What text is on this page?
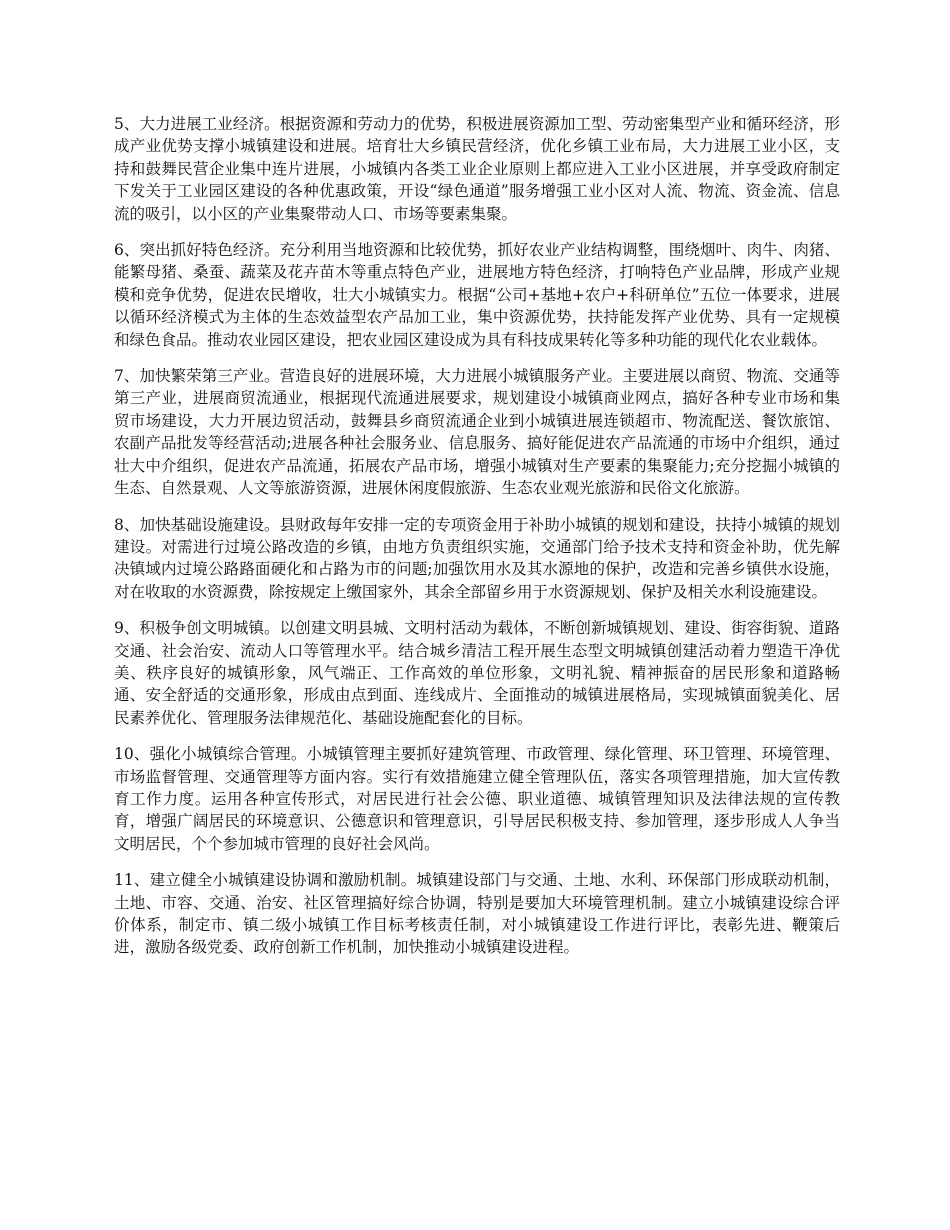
5、大力进展工业经济。根据资源和劳动力的优势，积极进展资源加工型、劳动密集型产业和循环经济，形成产业优势支撑小城镇建设和进展。培育壮大乡镇民营经济，优化乡镇工业布局，大力进展工业小区，支持和鼓舞民营企业集中连片进展，小城镇内各类工业企业原则上都应进入工业小区进展，并享受政府制定下发关于工业园区建设的各种优惠政策，开设“绿色通道”服务增强工业小区对人流、物流、资金流、信息流的吸引，以小区的产业集聚带动人口、市场等要素集聚。

6、突出抓好特色经济。充分利用当地资源和比较优势，抓好农业产业结构调整，围绕烟叶、肉牛、肉猪、能繁母猪、桑蚕、蔬菜及花卉苗木等重点特色产业，进展地方特色经济，打响特色产业品牌，形成产业规模和竞争优势，促进农民增收，壮大小城镇实力。根据“公司+基地+农户+科研单位”五位一体要求，进展以循环经济模式为主体的生态效益型农产品加工业，集中资源优势，扶持能发挥产业优势、具有一定规模和绿色食品。推动农业园区建设，把农业园区建设成为具有科技成果转化等多种功能的现代化农业载体。

7、加快繁荣第三产业。营造良好的进展环境，大力进展小城镇服务产业。主要进展以商贸、物流、交通等第三产业，进展商贸流通业，根据现代流通进展要求，规划建设小城镇商业网点，搞好各种专业市场和集贸市场建设，大力开展边贸活动，鼓舞县乡商贸流通企业到小城镇进展连锁超市、物流配送、餐饮旅馆、农副产品批发等经营活动;进展各种社会服务业、信息服务、搞好能促进农产品流通的市场中介组织，通过壮大中介组织，促进农产品流通，拓展农产品市场，增强小城镇对生产要素的集聚能力;充分挖掘小城镇的生态、自然景观、人文等旅游资源，进展休闲度假旅游、生态农业观光旅游和民俗文化旅游。

8、加快基础设施建设。县财政每年安排一定的专项资金用于补助小城镇的规划和建设，扶持小城镇的规划建设。对需进行过境公路改造的乡镇，由地方负责组织实施，交通部门给予技术支持和资金补助，优先解决镇域内过境公路路面硬化和占路为市的问题;加强饮用水及其水源地的保护，改造和完善乡镇供水设施，对在收取的水资源费，除按规定上缴国家外，其余全部留乡用于水资源规划、保护及相关水利设施建设。

9、积极争创文明城镇。以创建文明县城、文明村活动为载体，不断创新城镇规划、建设、街容街貌、道路交通、社会治安、流动人口等管理水平。结合城乡清洁工程开展生态型文明城镇创建活动着力塑造干净优美、秩序良好的城镇形象，风气端正、工作高效的单位形象，文明礼貌、精神振奋的居民形象和道路畅通、安全舒适的交通形象，形成由点到面、连线成片、全面推动的城镇进展格局，实现城镇面貌美化、居民素养优化、管理服务法律规范化、基础设施配套化的目标。

10、强化小城镇综合管理。小城镇管理主要抓好建筑管理、市政管理、绿化管理、环卫管理、环境管理、市场监督管理、交通管理等方面内容。实行有效措施建立健全管理队伍，落实各项管理措施，加大宣传教育工作力度。运用各种宣传形式，对居民进行社会公德、职业道德、城镇管理知识及法律法规的宣传教育，增强广阔居民的环境意识、公德意识和管理意识，引导居民积极支持、参加管理，逐步形成人人争当文明居民，个个参加城市管理的良好社会风尚。

11、建立健全小城镇建设协调和激励机制。城镇建设部门与交通、土地、水利、环保部门形成联动机制，土地、市容、交通、治安、社区管理搞好综合协调，特别是要加大环境管理机制。建立小城镇建设综合评价体系，制定市、镇二级小城镇工作目标考核责任制，对小城镇建设工作进行评比，表彰先进、鞭策后进，激励各级党委、政府创新工作机制，加快推动小城镇建设进程。
